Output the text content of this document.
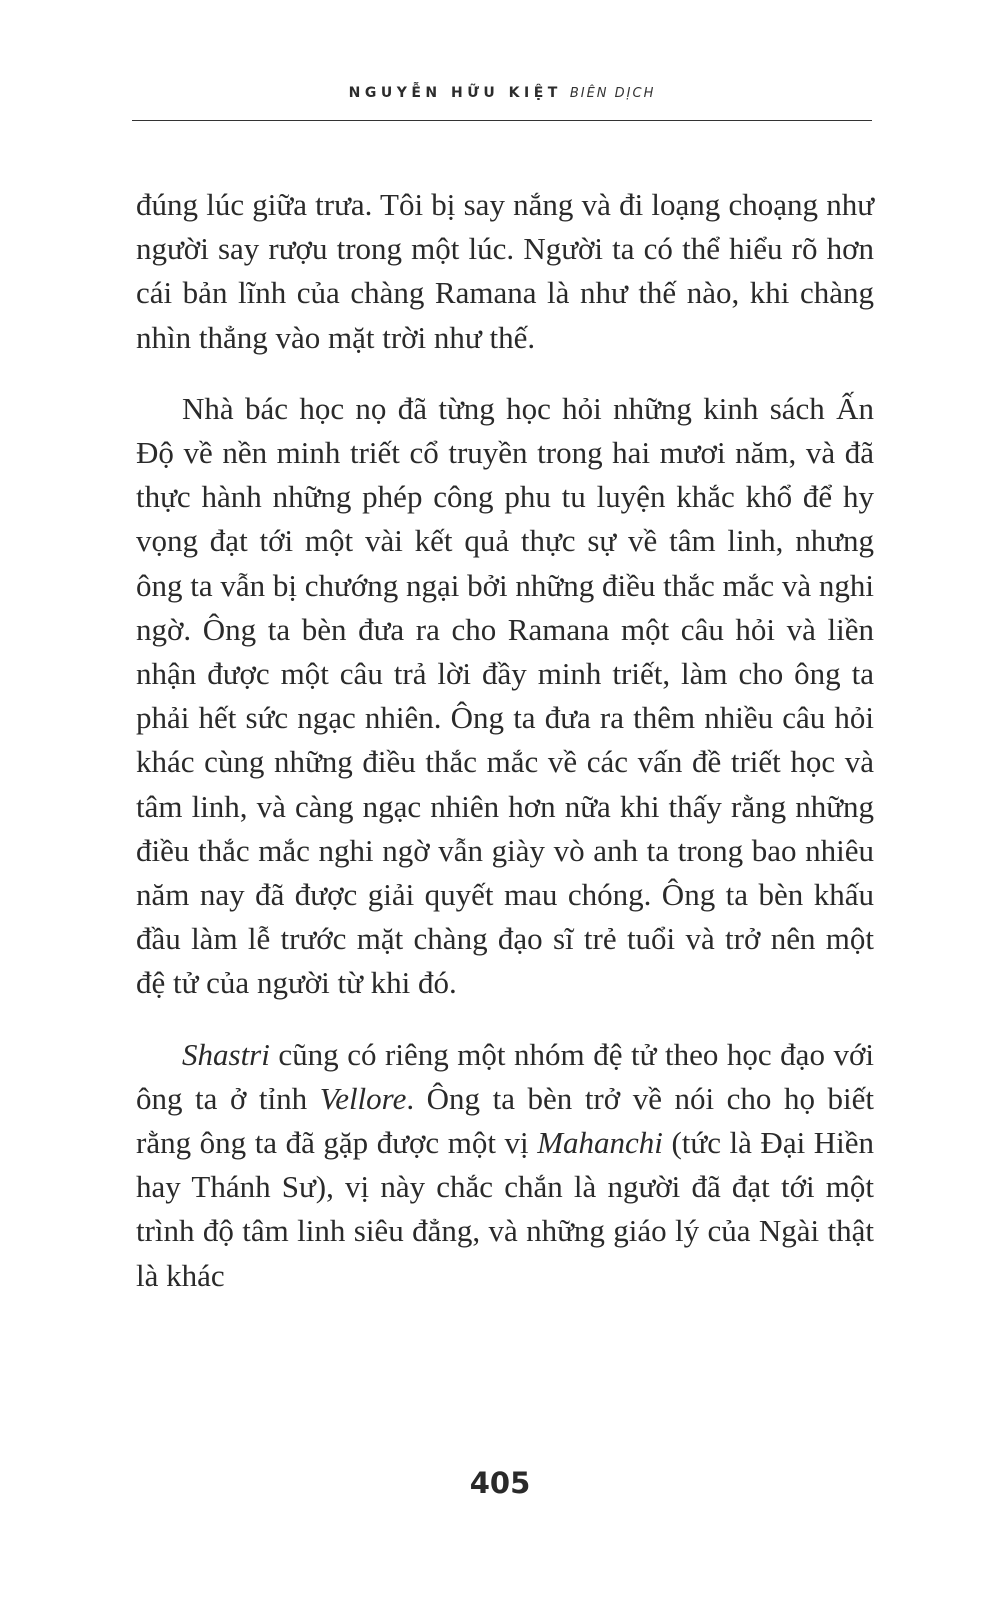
NGUYỄN HỮU KIỆT BIÊN DỊCH

đúng lúc giữa trưa. Tôi bị say nắng và đi loạng choạng như người say rượu trong một lúc. Người ta có thể hiểu rõ hơn cái bản lĩnh của chàng Ramana là như thế nào, khi chàng nhìn thẳng vào mặt trời như thế.

Nhà bác học nọ đã từng học hỏi những kinh sách Ấn Độ về nền minh triết cổ truyền trong hai mươi năm, và đã thực hành những phép công phu tu luyện khắc khổ để hy vọng đạt tới một vài kết quả thực sự về tâm linh, nhưng ông ta vẫn bị chướng ngại bởi những điều thắc mắc và nghi ngờ. Ông ta bèn đưa ra cho Ramana một câu hỏi và liền nhận được một câu trả lời đầy minh triết, làm cho ông ta phải hết sức ngạc nhiên. Ông ta đưa ra thêm nhiều câu hỏi khác cùng những điều thắc mắc về các vấn đề triết học và tâm linh, và càng ngạc nhiên hơn nữa khi thấy rằng những điều thắc mắc nghi ngờ vẫn giày vò anh ta trong bao nhiêu năm nay đã được giải quyết mau chóng. Ông ta bèn khấu đầu làm lễ trước mặt chàng đạo sĩ trẻ tuổi và trở nên một đệ tử của người từ khi đó.

Shastri cũng có riêng một nhóm đệ tử theo học đạo với ông ta ở tỉnh Vellore. Ông ta bèn trở về nói cho họ biết rằng ông ta đã gặp được một vị Mahanchi (tức là Đại Hiền hay Thánh Sư), vị này chắc chắn là người đã đạt tới một trình độ tâm linh siêu đẳng, và những giáo lý của Ngài thật là khác

405
